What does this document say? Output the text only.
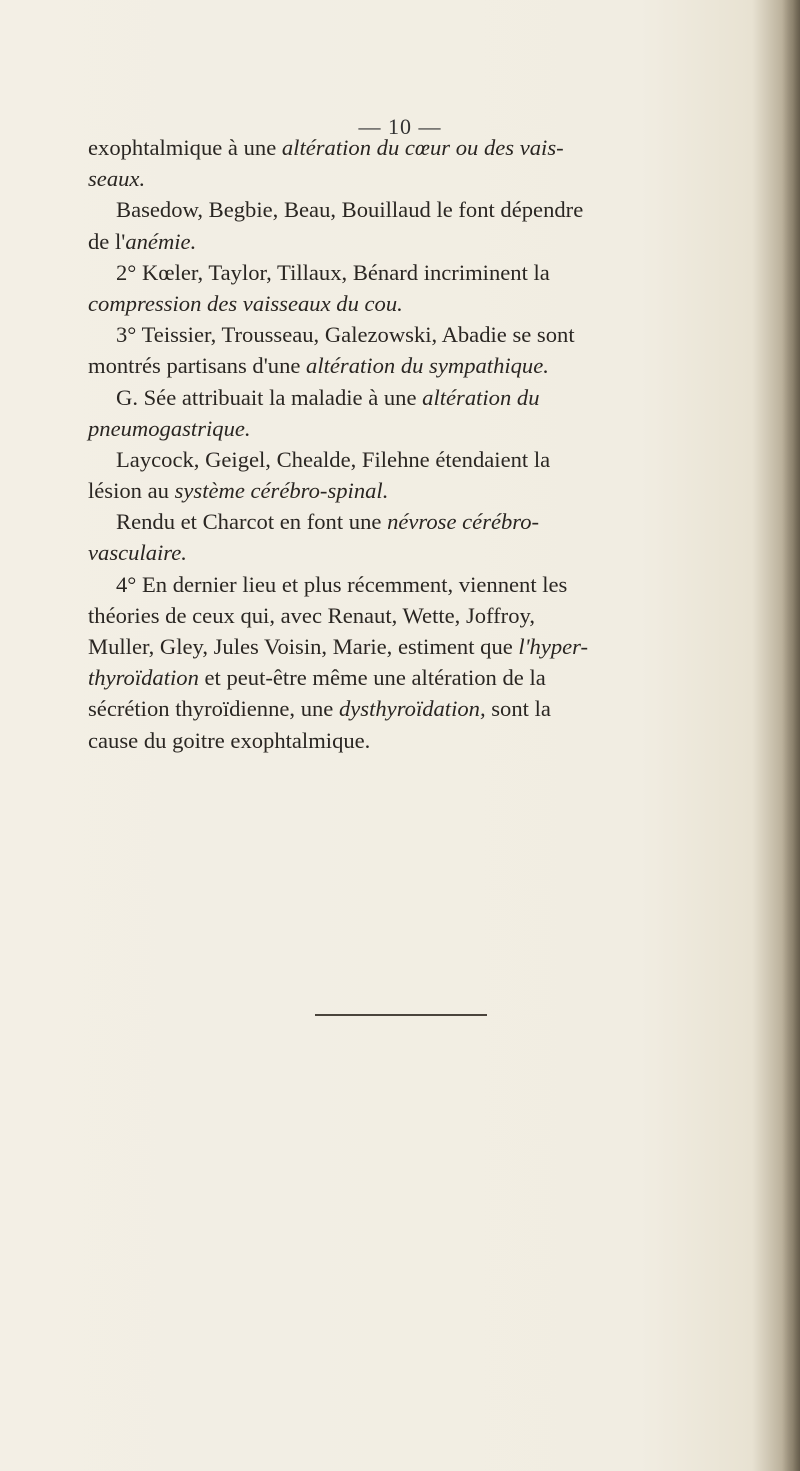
— 10 —
exophtalmique à une altération du cœur ou des vais-
seaux.
Basedow, Begbie, Beau, Bouillaud le font dépendre
de l'anémie.
2° Kœler, Taylor, Tillaux, Bénard incriminent la
compression des vaisseaux du cou.
3° Teissier, Trousseau, Galezowski, Abadie se sont
montrés partisans d'une altération du sympathique.
G. Sée attribuait la maladie à une altération du
pneumogastrique.
Laycock, Geigel, Chealde, Filehne étendaient la
lésion au système cérébro-spinal.
Rendu et Charcot en font une névrose cérébro-
vasculaire.
4° En dernier lieu et plus récemment, viennent les
théories de ceux qui, avec Renaut, Wette, Joffroy,
Muller, Gley, Jules Voisin, Marie, estiment que l'hyper-
thyroïdation et peut-être même une altération de la
sécrétion thyroïdienne, une dysthyroïdation, sont la
cause du goitre exophtalmique.
